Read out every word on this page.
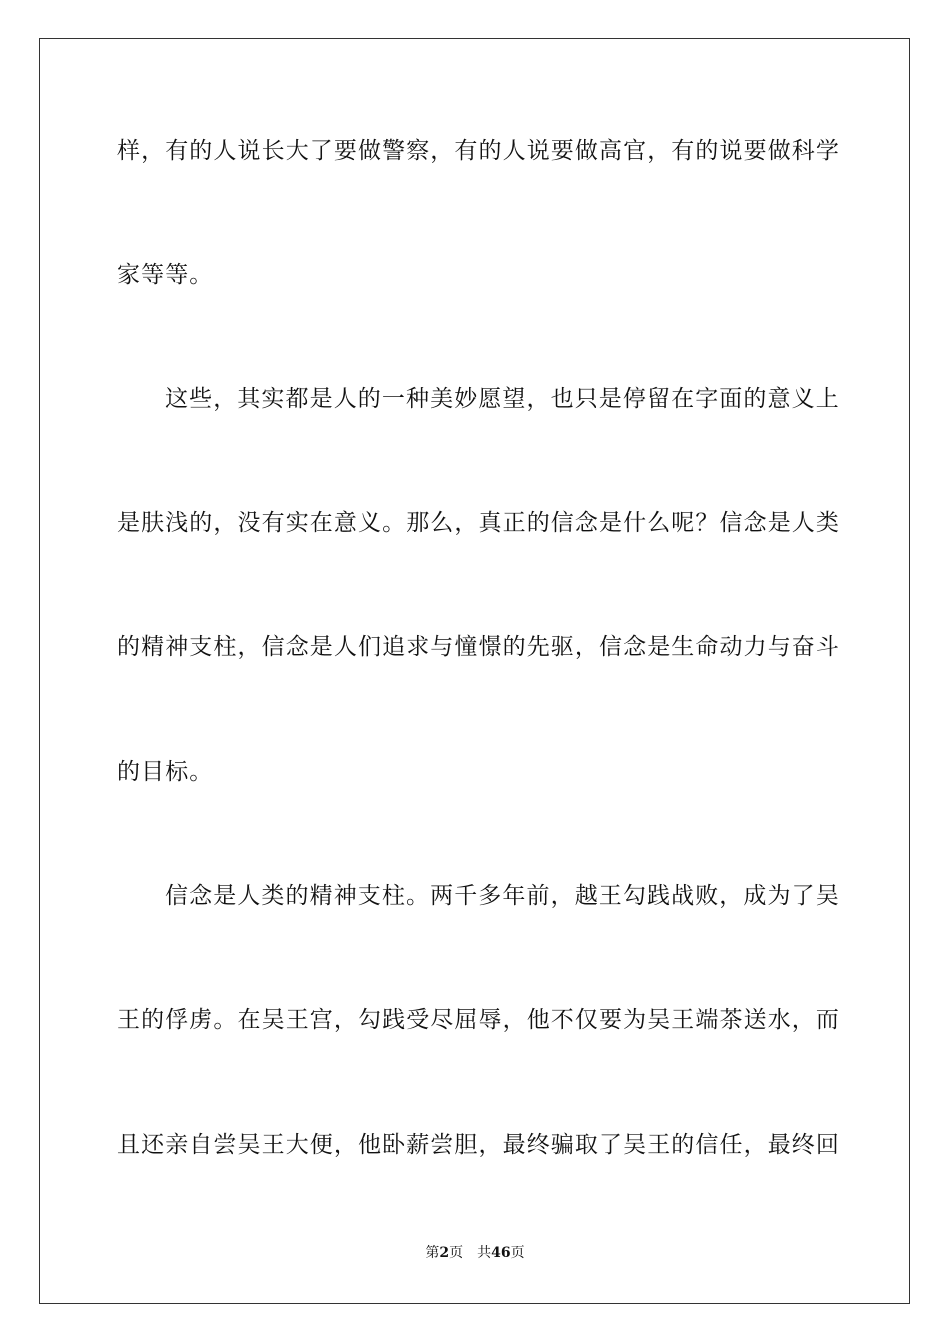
样，有的人说长大了要做警察，有的人说要做高官，有的说要做科学
家等等。
这些，其实都是人的一种美妙愿望，也只是停留在字面的意义上
是肤浅的，没有实在意义。那么，真正的信念是什么呢？信念是人类
的精神支柱，信念是人们追求与憧憬的先驱，信念是生命动力与奋斗
的目标。
信念是人类的精神支柱。两千多年前，越王勾践战败，成为了吴
王的俘虏。在吴王宫，勾践受尽屈辱，他不仅要为吴王端茶送水，而
且还亲自尝吴王大便，他卧薪尝胆，最终骗取了吴王的信任，最终回
第2页 共46页
